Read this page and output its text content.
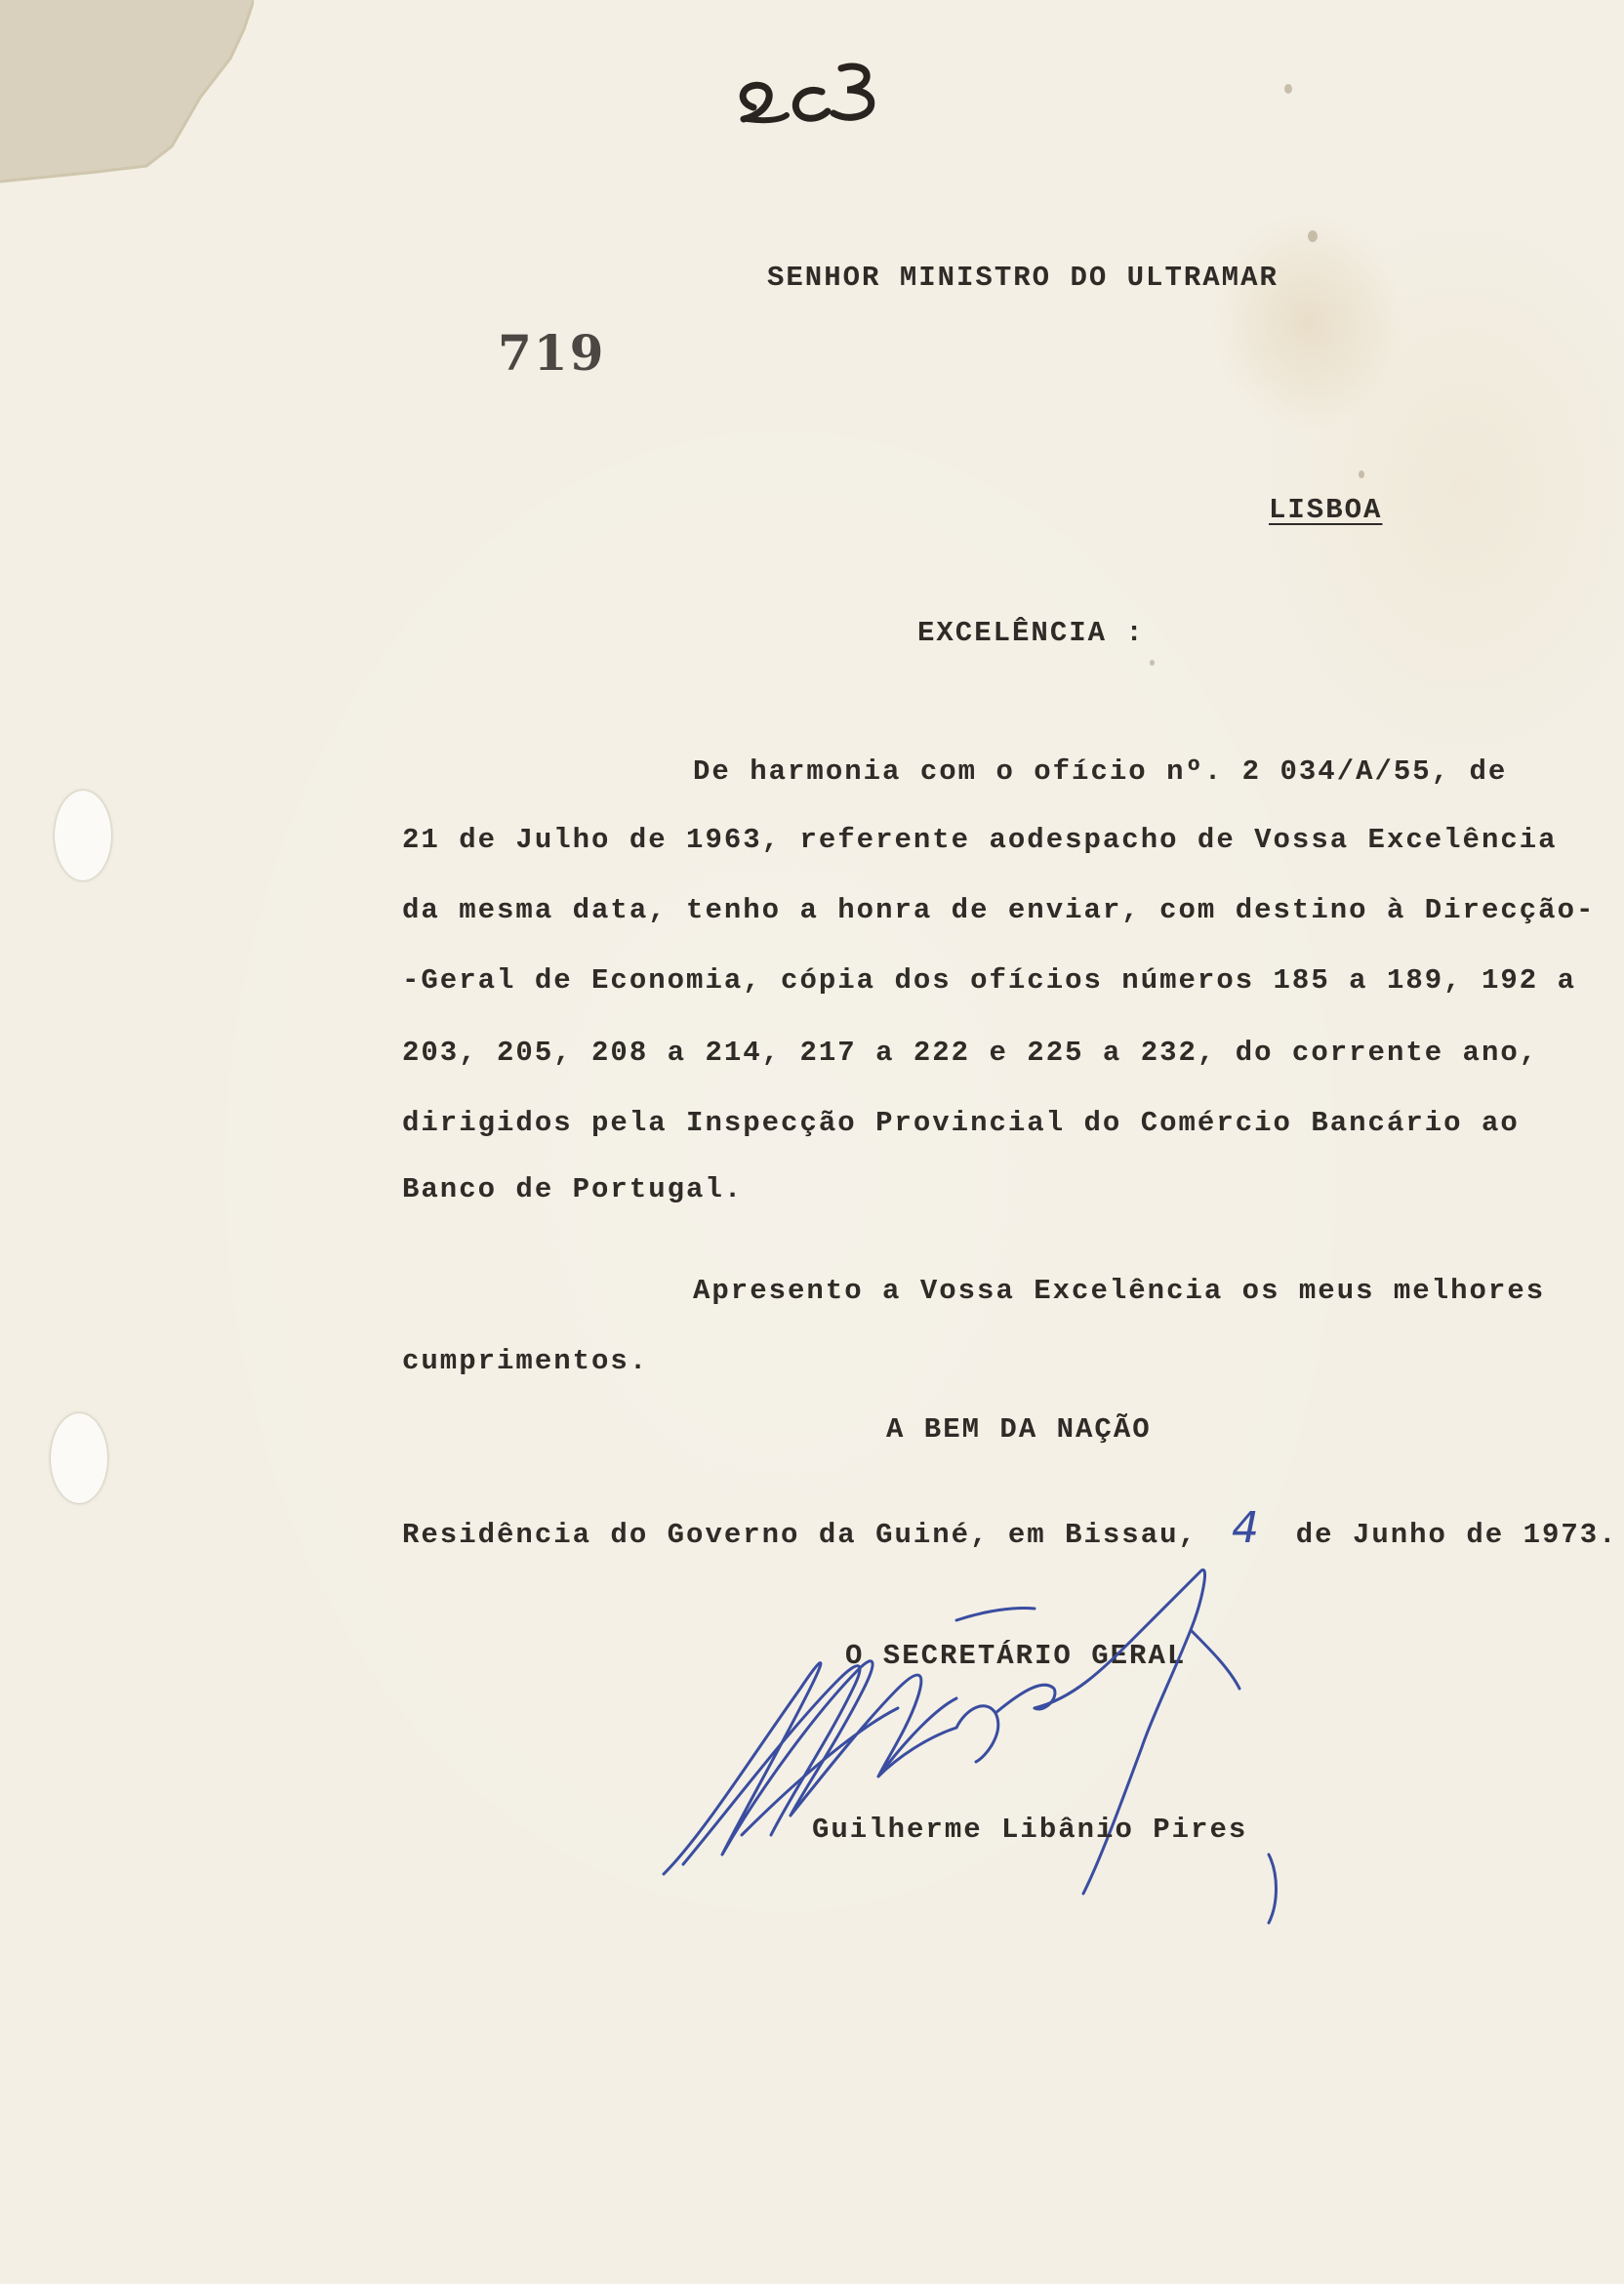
719
SENHOR MINISTRO DO ULTRAMAR
LISBOA
EXCELÊNCIA :
De harmonia com o ofício nº. 2 034/A/55, de
21 de Julho de 1963, referente aodespacho de Vossa Excelência
da mesma data, tenho a honra de enviar, com destino à Direcção-
-Geral de Economia, cópia dos ofícios números 185 a 189, 192 a
203, 205, 208 a 214, 217 a 222 e 225 a 232, do corrente ano,
dirigidos pela Inspecção Provincial do Comércio Bancário ao
Banco de Portugal.
Apresento a Vossa Excelência os meus melhores
cumprimentos.
A BEM DA NAÇÃO
Residência do Governo da Guiné, em Bissau,	de Junho de 1973.
4
O SECRETÁRIO GERAL
Guilherme Libânio Pires
